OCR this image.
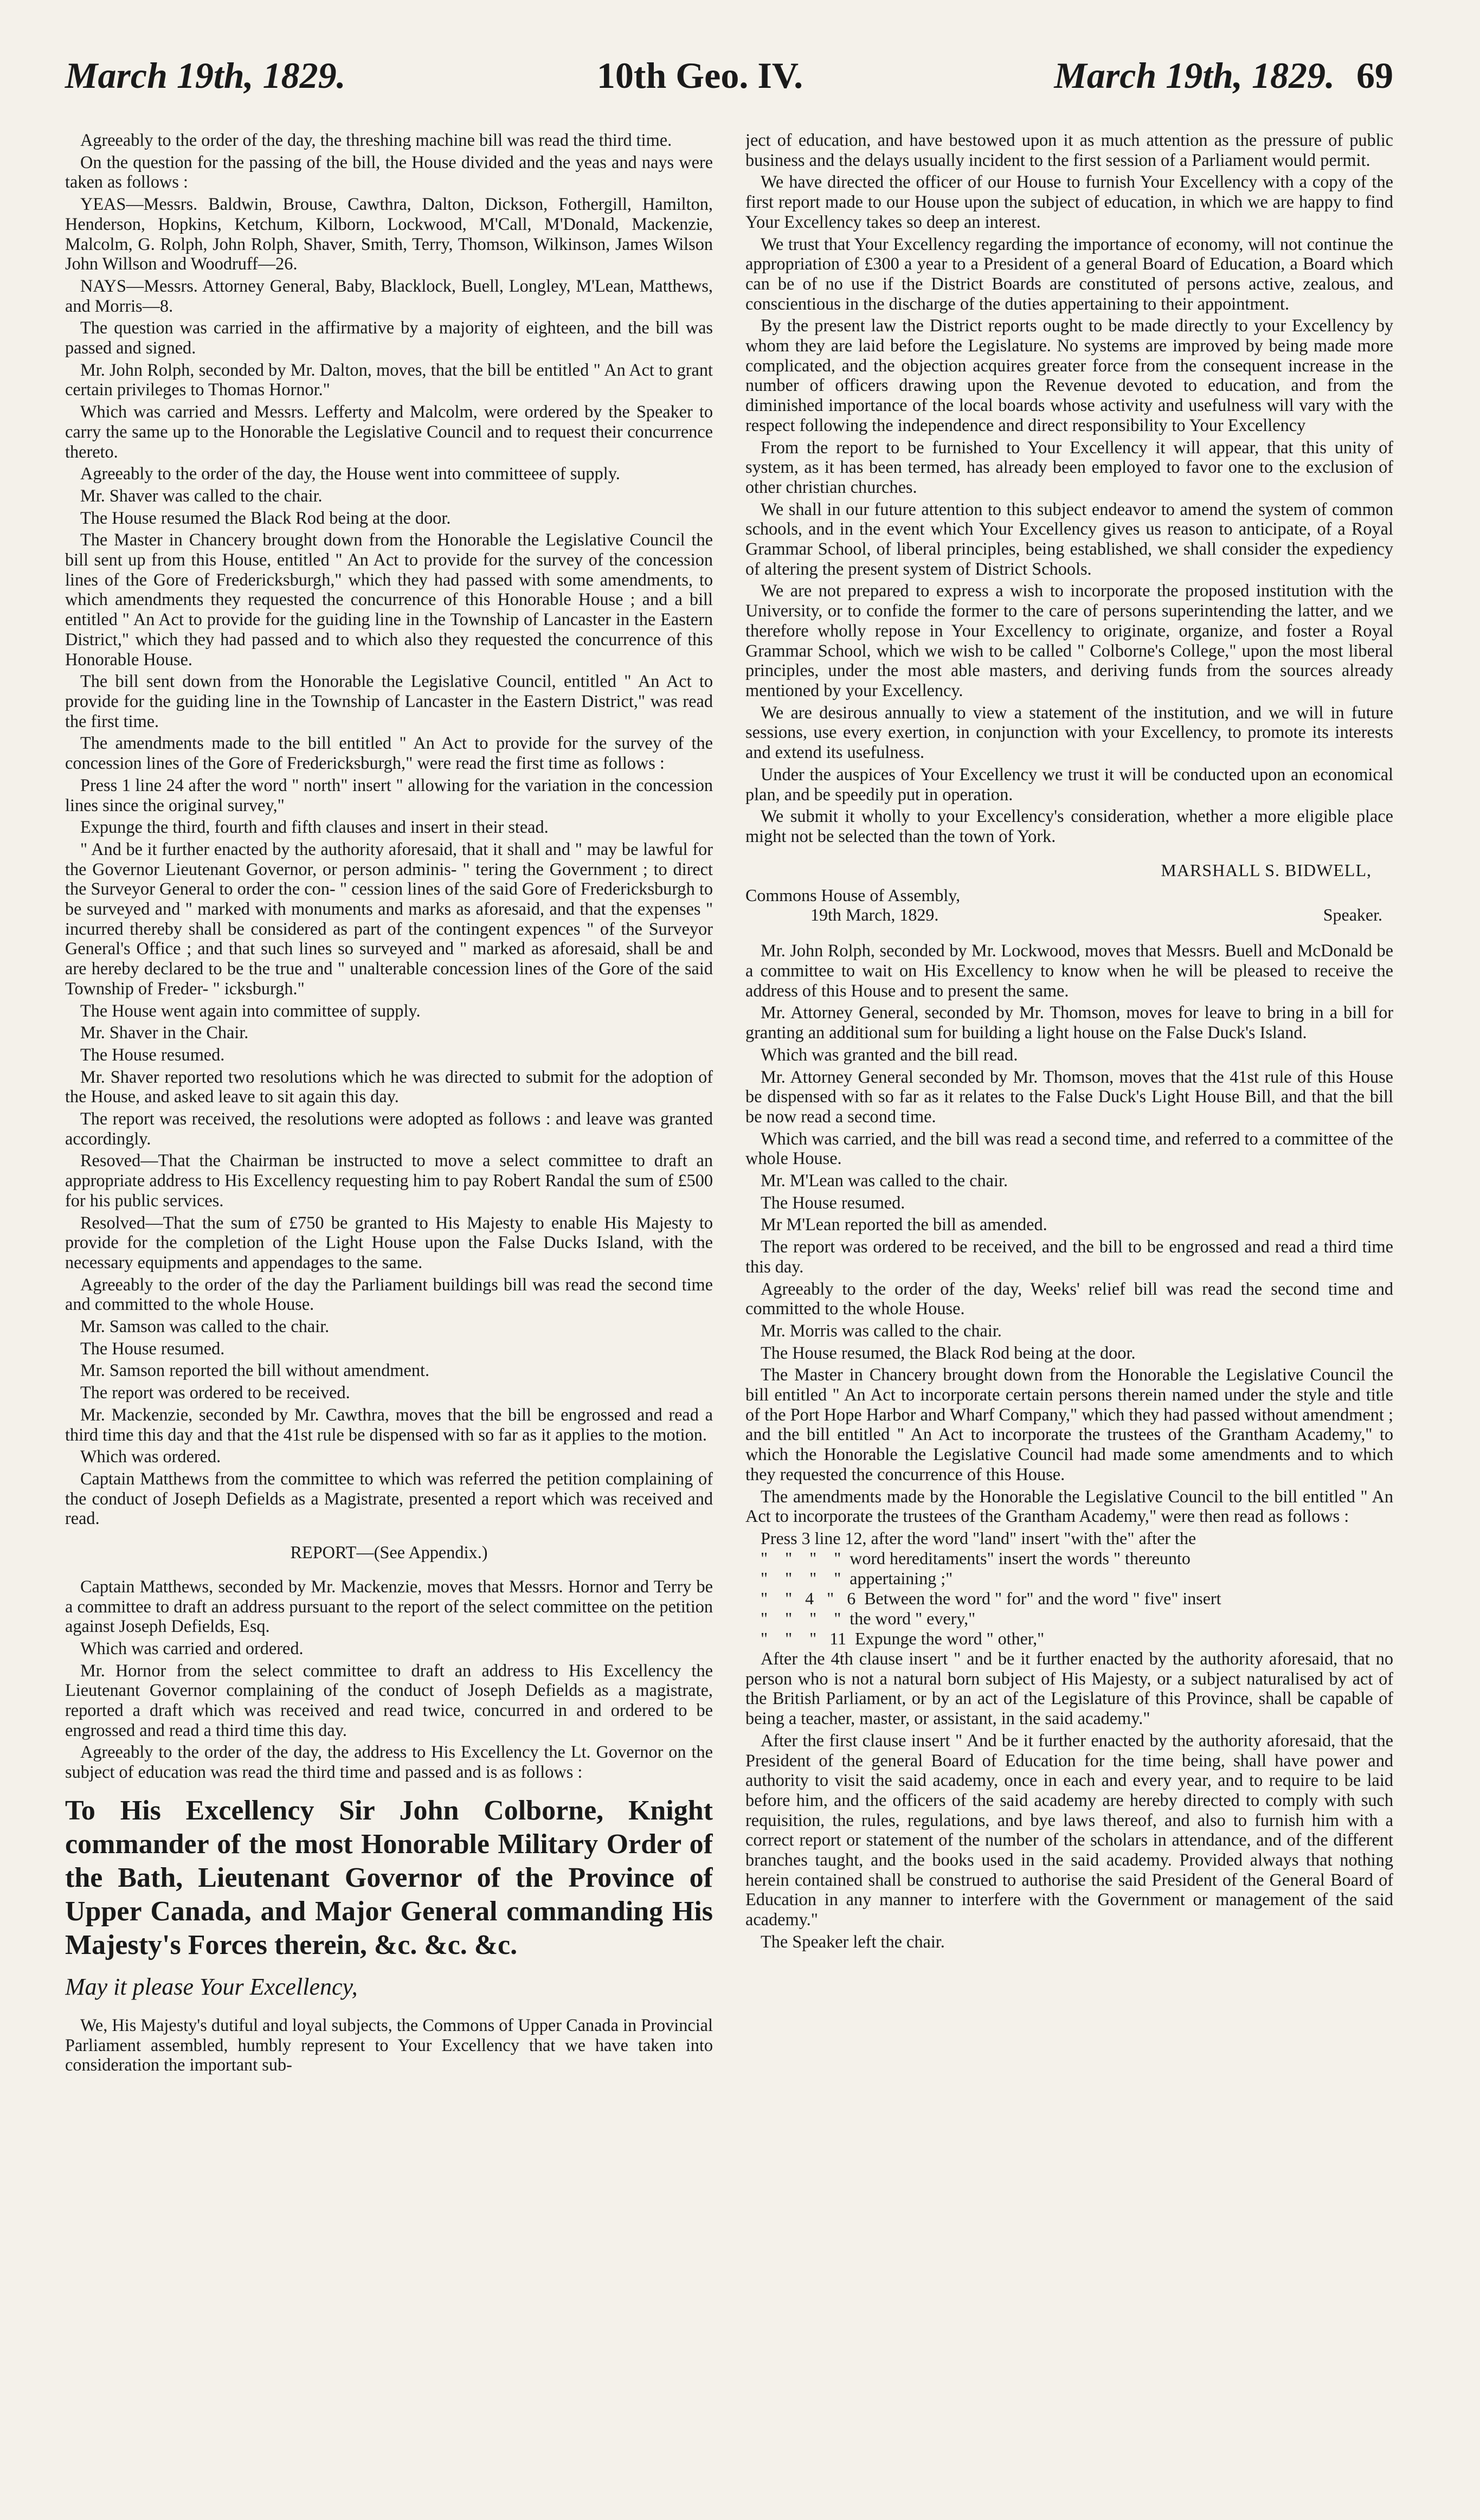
March 19th, 1829.	10th Geo. IV.	March 19th, 1829. 69

Agreeably to the order of the day, the threshing machine bill was read the third time.

On the question for the passing of the bill, the House divided and the yeas and nays were taken as follows :

YEAS—Messrs. Baldwin, Brouse, Cawthra, Dalton, Dickson, Fothergill, Hamilton, Henderson, Hopkins, Ketchum, Kilborn, Lockwood, M'Call, M'Donald, Mackenzie, Malcolm, G. Rolph, John Rolph, Shaver, Smith, Terry, Thomson, Wilkinson, James Wilson John Willson and Woodruff—26.

NAYS—Messrs. Attorney General, Baby, Blacklock, Buell, Longley, M'Lean, Matthews, and Morris—8.

The question was carried in the affirmative by a majority of eighteen, and the bill was passed and signed.

Mr. John Rolph, seconded by Mr. Dalton, moves, that the bill be entitled " An Act to grant certain privileges to Thomas Hornor."

Which was carried and Messrs. Lefferty and Malcolm, were ordered by the Speaker to carry the same up to the Honorable the Legislative Council and to request their concurrence thereto.

Agreeably to the order of the day, the House went into committeee of supply.

Mr. Shaver was called to the chair.

The House resumed the Black Rod being at the door.

The Master in Chancery brought down from the Honorable the Legislative Council the bill sent up from this House, entitled " An Act to provide for the survey of the concession lines of the Gore of Fredericksburgh," which they had passed with some amendments, to which amendments they requested the concurrence of this Honorable House ; and a bill entitled " An Act to provide for the guiding line in the Township of Lancaster in the Eastern District," which they had passed and to which also they requested the concurrence of this Honorable House.

The bill sent down from the Honorable the Legislative Council, entitled " An Act to provide for the guiding line in the Township of Lancaster in the Eastern District," was read the first time.

The amendments made to the bill entitled " An Act to provide for the survey of the concession lines of the Gore of Fredericksburgh," were read the first time as follows :

Press 1 line 24 after the word " north" insert " allowing for the variation in the concession lines since the original survey,"

Expunge the third, fourth and fifth clauses and insert in their stead.

" And be it further enacted by the authority aforesaid, that it shall and " may be lawful for the Governor Lieutenant Governor, or person adminis- " tering the Government ; to direct the Surveyor General to order the con- " cession lines of the said Gore of Fredericksburgh to be surveyed and " marked with monuments and marks as aforesaid, and that the expenses " incurred thereby shall be considered as part of the contingent expences " of the Surveyor General's Office ; and that such lines so surveyed and " marked as aforesaid, shall be and are hereby declared to be the true and " unalterable concession lines of the Gore of the said Township of Freder- " icksburgh."

The House went again into committee of supply.

Mr. Shaver in the Chair.

The House resumed.

Mr. Shaver reported two resolutions which he was directed to submit for the adoption of the House, and asked leave to sit again this day.

The report was received, the resolutions were adopted as follows : and leave was granted accordingly.

Resoved—That the Chairman be instructed to move a select committee to draft an appropriate address to His Excellency requesting him to pay Robert Randal the sum of £500 for his public services.

Resolved—That the sum of £750 be granted to His Majesty to enable His Majesty to provide for the completion of the Light House upon the False Ducks Island, with the necessary equipments and appendages to the same.

Agreeably to the order of the day the Parliament buildings bill was read the second time and committed to the whole House.

Mr. Samson was called to the chair.

The House resumed.

Mr. Samson reported the bill without amendment.

The report was ordered to be received.

Mr. Mackenzie, seconded by Mr. Cawthra, moves that the bill be engrossed and read a third time this day and that the 41st rule be dispensed with so far as it applies to the motion.

Which was ordered.

Captain Matthews from the committee to which was referred the petition complaining of the conduct of Joseph Defields as a Magistrate, presented a report which was received and read.

REPORT—(See Appendix.)

Captain Matthews, seconded by Mr. Mackenzie, moves that Messrs. Hornor and Terry be a committee to draft an address pursuant to the report of the select committee on the petition against Joseph Defields, Esq.

Which was carried and ordered.

Mr. Hornor from the select committee to draft an address to His Excellency the Lieutenant Governor complaining of the conduct of Joseph Defields as a magistrate, reported a draft which was received and read twice, concurred in and ordered to be engrossed and read a third time this day.

Agreeably to the order of the day, the address to His Excellency the Lt. Governor on the subject of education was read the third time and passed and is as follows :

To His Excellency Sir John Colborne, Knight commander of the most Honorable Military Order of the Bath, Lieutenant Governor of the Province of Upper Canada, and Major General commanding His Majesty's Forces therein, &c. &c. &c.

May it please Your Excellency,

We, His Majesty's dutiful and loyal subjects, the Commons of Upper Canada in Provincial Parliament assembled, humbly represent to Your Excellency that we have taken into consideration the important sub-

ject of education, and have bestowed upon it as much attention as the pressure of public business and the delays usually incident to the first session of a Parliament would permit.

We have directed the officer of our House to furnish Your Excellency with a copy of the first report made to our House upon the subject of education, in which we are happy to find Your Excellency takes so deep an interest.

We trust that Your Excellency regarding the importance of economy, will not continue the appropriation of £300 a year to a President of a general Board of Education, a Board which can be of no use if the District Boards are constituted of persons active, zealous, and conscientious in the discharge of the duties appertaining to their appointment.

By the present law the District reports ought to be made directly to your Excellency by whom they are laid before the Legislature. No systems are improved by being made more complicated, and the objection acquires greater force from the consequent increase in the number of officers drawing upon the Revenue devoted to education, and from the diminished importance of the local boards whose activity and usefulness will vary with the respect following the independence and direct responsibility to Your Excellency

From the report to be furnished to Your Excellency it will appear, that this unity of system, as it has been termed, has already been employed to favor one to the exclusion of other christian churches.

We shall in our future attention to this subject endeavor to amend the system of common schools, and in the event which Your Excellency gives us reason to anticipate, of a Royal Grammar School, of liberal principles, being established, we shall consider the expediency of altering the present system of District Schools.

We are not prepared to express a wish to incorporate the proposed institution with the University, or to confide the former to the care of persons superintending the latter, and we therefore wholly repose in Your Excellency to originate, organize, and foster a Royal Grammar School, which we wish to be called " Colborne's College," upon the most liberal principles, under the most able masters, and deriving funds from the sources already mentioned by your Excellency.

We are desirous annually to view a statement of the institution, and we will in future sessions, use every exertion, in conjunction with your Excellency, to promote its interests and extend its usefulness.

Under the auspices of Your Excellency we trust it will be conducted upon an economical plan, and be speedily put in operation.

We submit it wholly to your Excellency's consideration, whether a more eligible place might not be selected than the town of York.

MARSHALL S. BIDWELL,

Commons House of Assembly,
19th March, 1829.	Speaker.

Mr. John Rolph, seconded by Mr. Lockwood, moves that Messrs. Buell and McDonald be a committee to wait on His Excellency to know when he will be pleased to receive the address of this House and to present the same.

Mr. Attorney General, seconded by Mr. Thomson, moves for leave to bring in a bill for granting an additional sum for building a light house on the False Duck's Island.

Which was granted and the bill read.

Mr. Attorney General seconded by Mr. Thomson, moves that the 41st rule of this House be dispensed with so far as it relates to the False Duck's Light House Bill, and that the bill be now read a second time.

Which was carried, and the bill was read a second time, and referred to a committee of the whole House.

Mr. M'Lean was called to the chair.

The House resumed.

Mr M'Lean reported the bill as amended.

The report was ordered to be received, and the bill to be engrossed and read a third time this day.

Agreeably to the order of the day, Weeks' relief bill was read the second time and committed to the whole House.

Mr. Morris was called to the chair.

The House resumed, the Black Rod being at the door.

The Master in Chancery brought down from the Honorable the Legislative Council the bill entitled " An Act to incorporate certain persons therein named under the style and title of the Port Hope Harbor and Wharf Company," which they had passed without amendment ; and the bill entitled " An Act to incorporate the trustees of the Grantham Academy," to which the Honorable the Legislative Council had made some amendments and to which they requested the concurrence of this House.

The amendments made by the Honorable the Legislative Council to the bill entitled " An Act to incorporate the trustees of the Grantham Academy," were then read as follows :

Press 3 line 12, after the word "land" insert "with the" after the

"    "    "    "  word hereditaments" insert the words " thereunto

"    "    "    "  appertaining ;"

"    "   4   "   6  Between the word " for" and the word " five" insert

"    "    "    "  the word " every,"

"    "    "   11  Expunge the word " other,"

After the 4th clause insert " and be it further enacted by the authority aforesaid, that no person who is not a natural born subject of His Majesty, or a subject naturalised by act of the British Parliament, or by an act of the Legislature of this Province, shall be capable of being a teacher, master, or assistant, in the said academy."

After the first clause insert " And be it further enacted by the authority aforesaid, that the President of the general Board of Education for the time being, shall have power and authority to visit the said academy, once in each and every year, and to require to be laid before him, and the officers of the said academy are hereby directed to comply with such requisition, the rules, regulations, and bye laws thereof, and also to furnish him with a correct report or statement of the number of the scholars in attendance, and of the different branches taught, and the books used in the said academy. Provided always that nothing herein contained shall be construed to authorise the said President of the General Board of Education in any manner to interfere with the Government or management of the said academy."

The Speaker left the chair.
